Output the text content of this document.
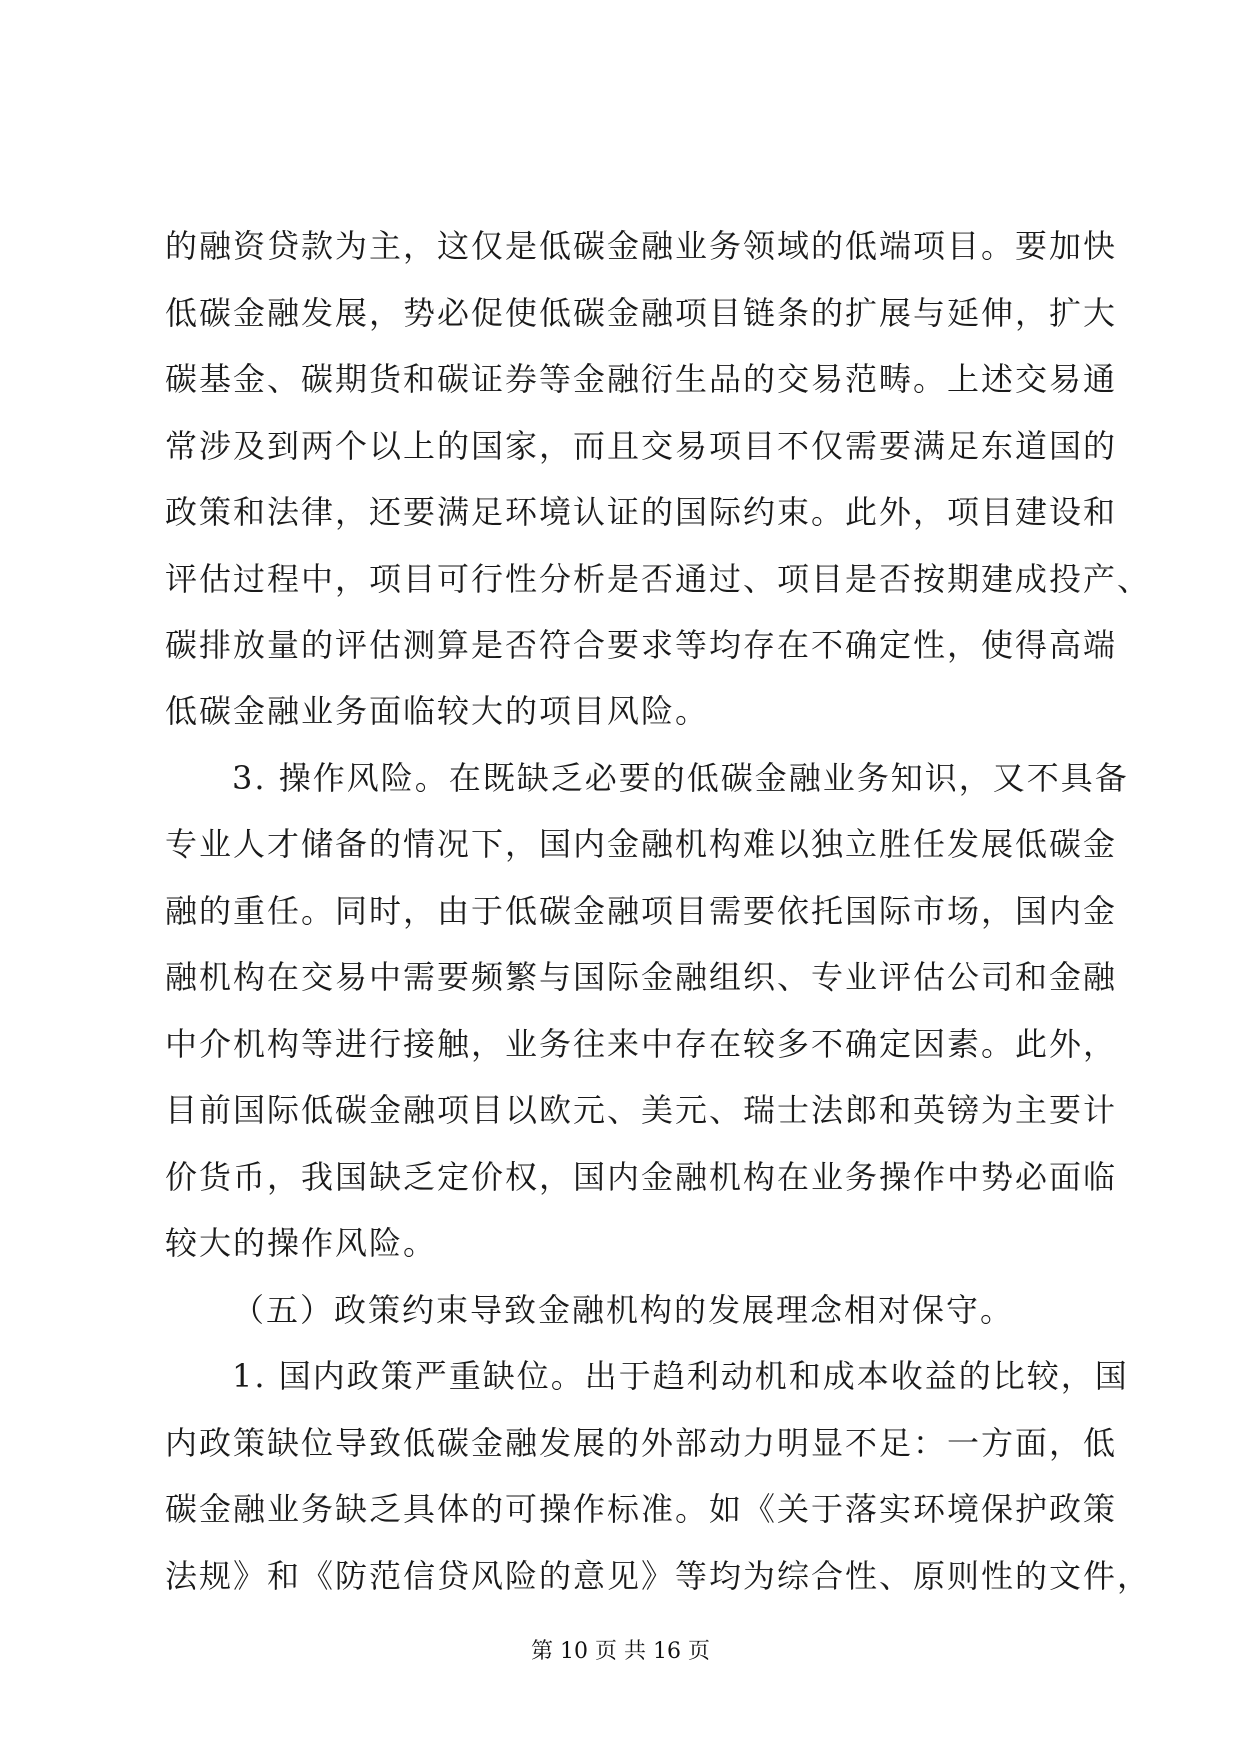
的融资贷款为主，这仅是低碳金融业务领域的低端项目。要加快
低碳金融发展，势必促使低碳金融项目链条的扩展与延伸，扩大
碳基金、碳期货和碳证券等金融衍生品的交易范畴。上述交易通
常涉及到两个以上的国家，而且交易项目不仅需要满足东道国的
政策和法律，还要满足环境认证的国际约束。此外，项目建设和
评估过程中，项目可行性分析是否通过、项目是否按期建成投产、
碳排放量的评估测算是否符合要求等均存在不确定性，使得高端
低碳金融业务面临较大的项目风险。
3. 操作风险。在既缺乏必要的低碳金融业务知识，又不具备
专业人才储备的情况下，国内金融机构难以独立胜任发展低碳金
融的重任。同时，由于低碳金融项目需要依托国际市场，国内金
融机构在交易中需要频繁与国际金融组织、专业评估公司和金融
中介机构等进行接触，业务往来中存在较多不确定因素。此外，
目前国际低碳金融项目以欧元、美元、瑞士法郎和英镑为主要计
价货币，我国缺乏定价权，国内金融机构在业务操作中势必面临
较大的操作风险。
（五）政策约束导致金融机构的发展理念相对保守。
1. 国内政策严重缺位。出于趋利动机和成本收益的比较，国
内政策缺位导致低碳金融发展的外部动力明显不足：一方面，低
碳金融业务缺乏具体的可操作标准。如《关于落实环境保护政策
法规》和《防范信贷风险的意见》等均为综合性、原则性的文件，
第 10 页 共 16 页
